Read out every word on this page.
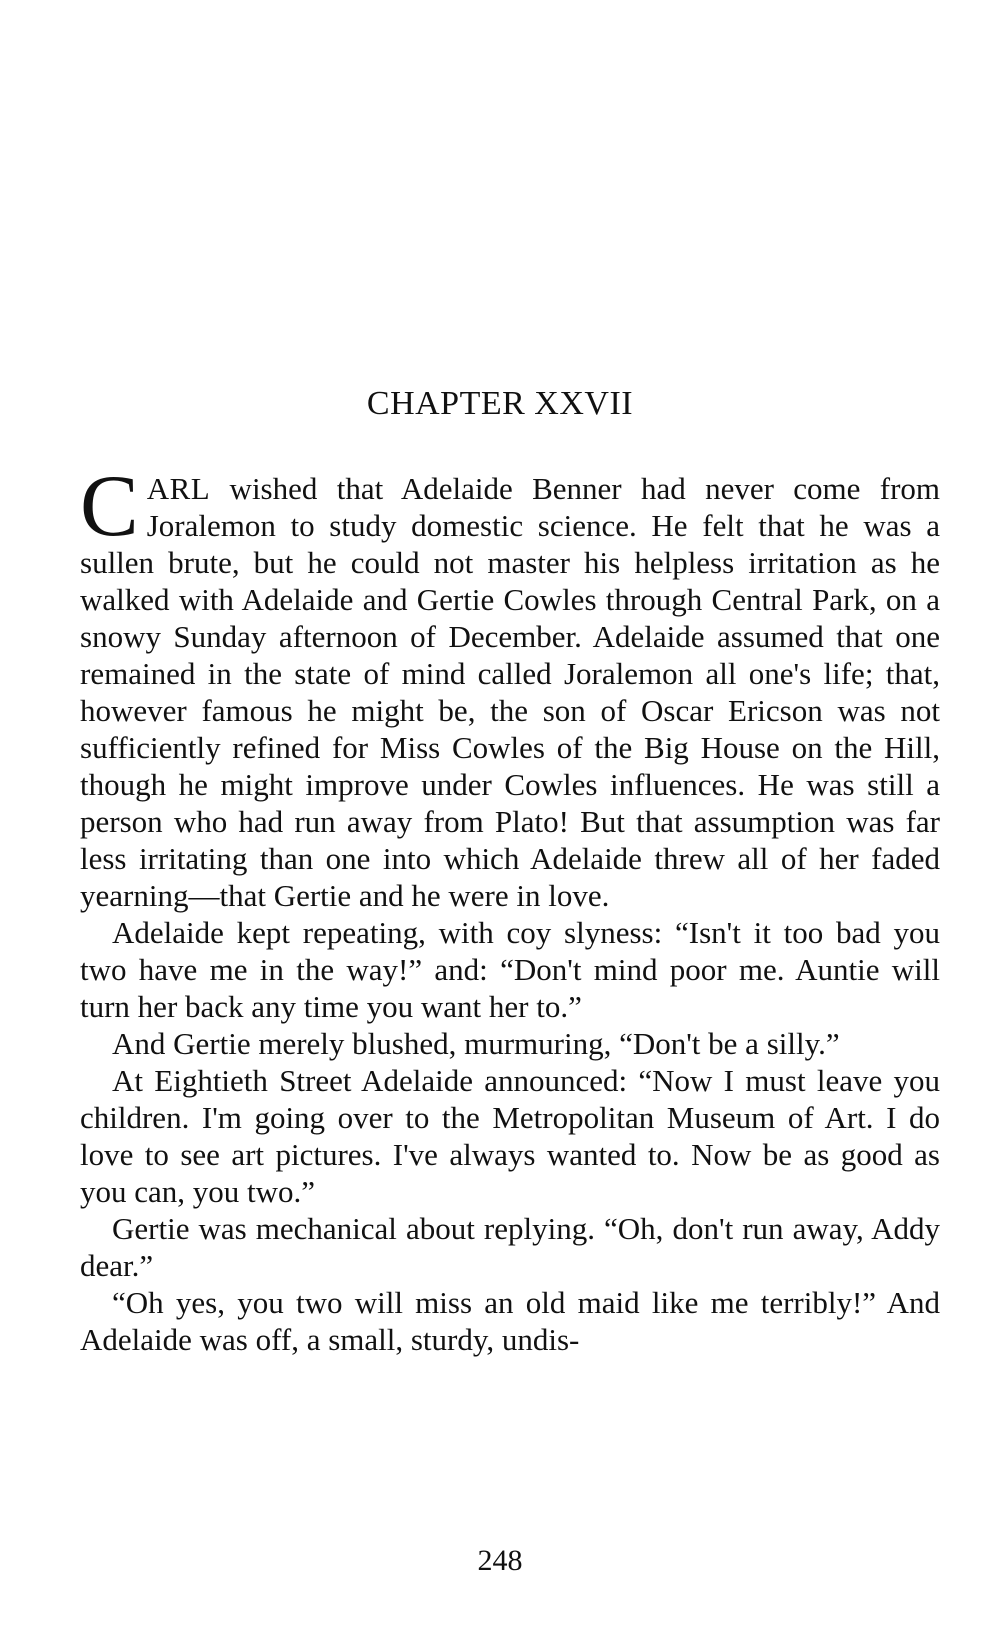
CHAPTER XXVII

CARL wished that Adelaide Benner had never come from Joralemon to study domestic science. He felt that he was a sullen brute, but he could not master his helpless irritation as he walked with Adelaide and Gertie Cowles through Central Park, on a snowy Sunday afternoon of December. Adelaide assumed that one remained in the state of mind called Joralemon all one's life; that, however famous he might be, the son of Oscar Ericson was not sufficiently refined for Miss Cowles of the Big House on the Hill, though he might improve under Cowles influences. He was still a person who had run away from Plato! But that assumption was far less irritating than one into which Adelaide threw all of her faded yearning—that Gertie and he were in love.

Adelaide kept repeating, with coy slyness: “Isn't it too bad you two have me in the way!” and: “Don't mind poor me. Auntie will turn her back any time you want her to.”

And Gertie merely blushed, murmuring, “Don't be a silly.”

At Eightieth Street Adelaide announced: “Now I must leave you children. I'm going over to the Metropolitan Museum of Art. I do love to see art pictures. I've always wanted to. Now be as good as you can, you two.”

Gertie was mechanical about replying. “Oh, don't run away, Addy dear.”

“Oh yes, you two will miss an old maid like me terribly!” And Adelaide was off, a small, sturdy, undis-

248
